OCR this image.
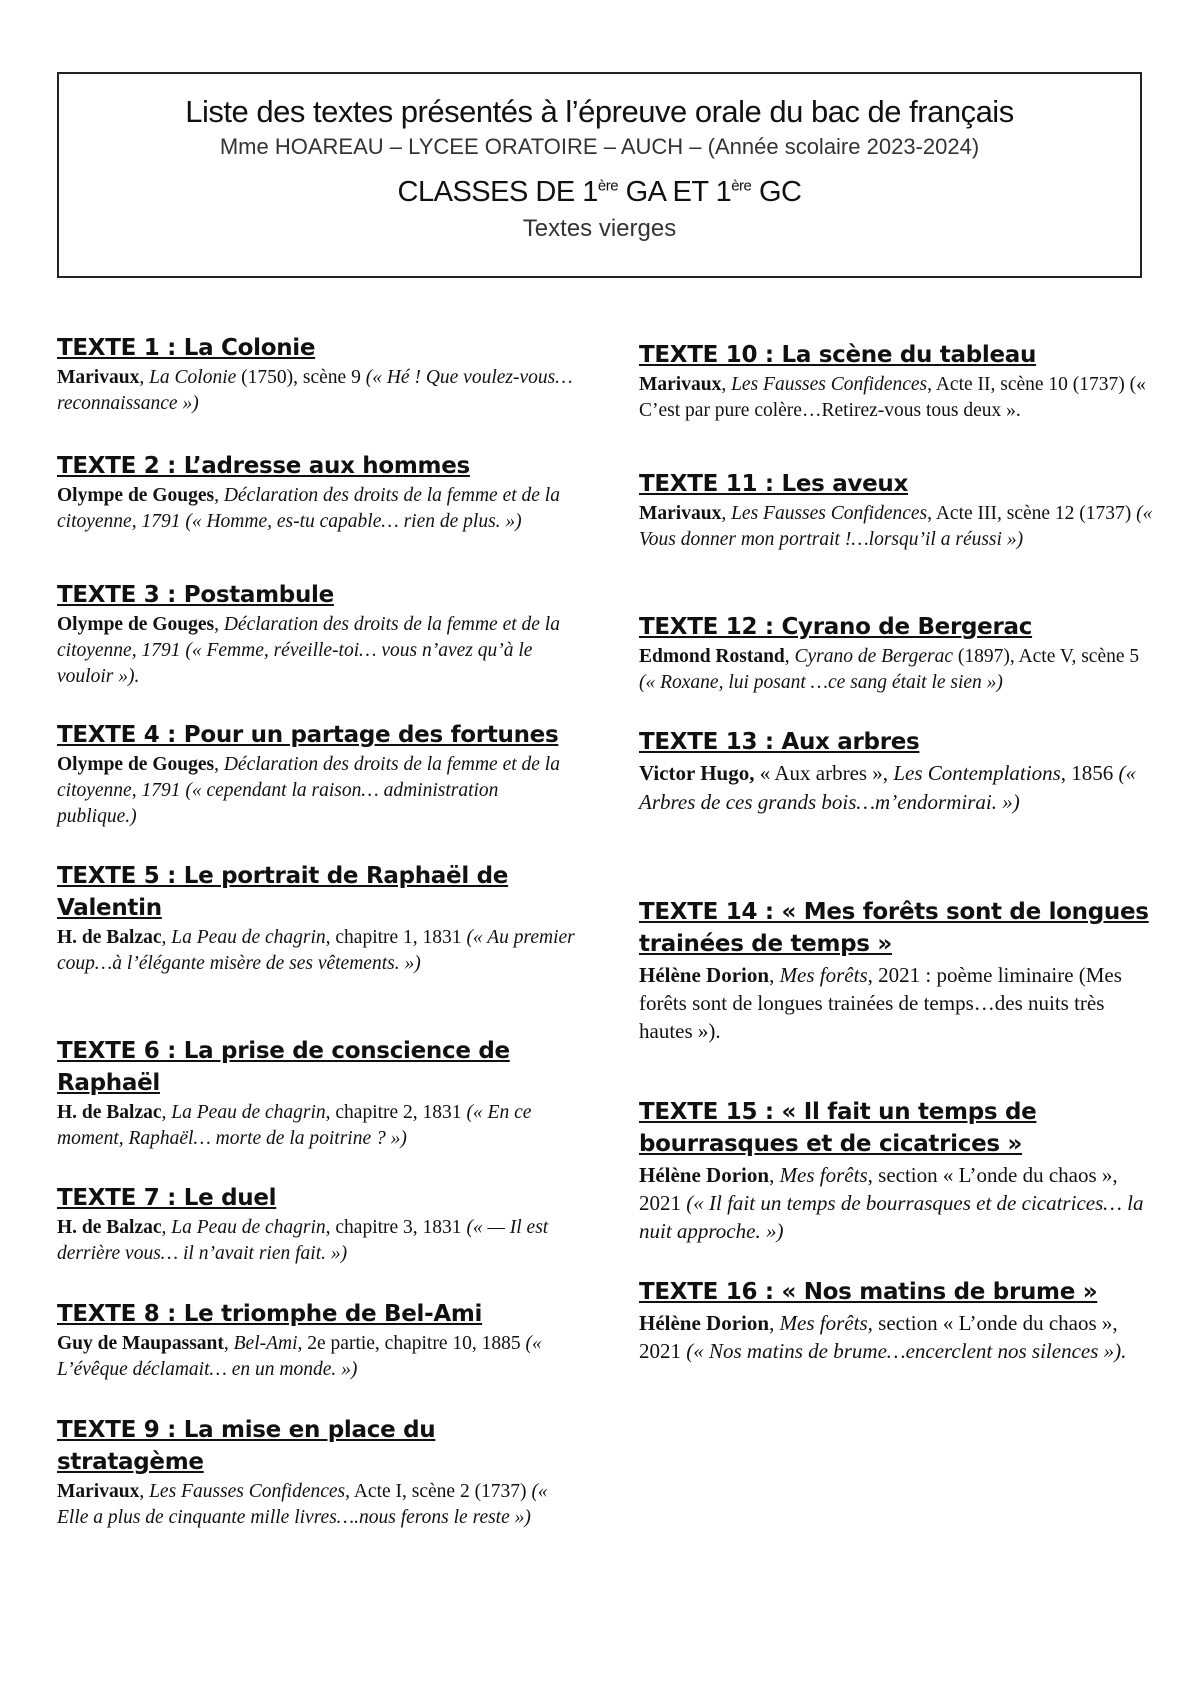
Liste des textes présentés à l’épreuve orale du bac de français
Mme HOAREAU – LYCEE ORATOIRE – AUCH – (Année scolaire 2023-2024)
CLASSES DE 1ère GA ET 1ère GC
Textes vierges
TEXTE 1 : La Colonie
Marivaux, La Colonie (1750), scène 9 (« Hé ! Que voulez-vous… reconnaissance »)
TEXTE 2 : L’adresse aux hommes
Olympe de Gouges, Déclaration des droits de la femme et de la citoyenne, 1791 (« Homme, es-tu capable… rien de plus. »)
TEXTE 3 : Postambule
Olympe de Gouges, Déclaration des droits de la femme et de la citoyenne, 1791 (« Femme, réveille-toi… vous n’avez qu’à le vouloir »).
TEXTE 4 : Pour un partage des fortunes
Olympe de Gouges, Déclaration des droits de la femme et de la citoyenne, 1791 (« cependant la raison… administration publique.)
TEXTE 5 : Le portrait de Raphaël de Valentin
H. de Balzac, La Peau de chagrin, chapitre 1, 1831 (« Au premier coup…à l’élégante misère de ses vêtements. »)
TEXTE 6 : La prise de conscience de Raphaël
H. de Balzac, La Peau de chagrin, chapitre 2, 1831 (« En ce moment, Raphaël… morte de la poitrine ? »)
TEXTE 7 : Le duel
H. de Balzac, La Peau de chagrin, chapitre 3, 1831 (« — Il est derrière vous… il n’avait rien fait. »)
TEXTE 8 : Le triomphe de Bel-Ami
Guy de Maupassant, Bel-Ami, 2e partie, chapitre 10, 1885 (« L’évêque déclamait… en un monde. »)
TEXTE 9 : La mise en place du stratagème
Marivaux, Les Fausses Confidences, Acte I, scène 2 (1737) (« Elle a plus de cinquante mille livres….nous ferons le reste »)
TEXTE 10 : La scène du tableau
Marivaux, Les Fausses Confidences, Acte II, scène 10 (1737) (« C’est par pure colère…Retirez-vous tous deux ».
TEXTE 11 : Les aveux
Marivaux, Les Fausses Confidences, Acte III, scène 12 (1737) (« Vous donner mon portrait !…lorsqu’il a réussi »)
TEXTE 12 : Cyrano de Bergerac
Edmond Rostand, Cyrano de Bergerac (1897), Acte V, scène 5 (« Roxane, lui posant …ce sang était le sien »)
TEXTE 13 : Aux arbres
Victor Hugo, « Aux arbres », Les Contemplations, 1856 (« Arbres de ces grands bois…m’endormirai. »)
TEXTE 14 : « Mes forêts sont de longues trainées de temps »
Hélène Dorion, Mes forêts, 2021 : poème liminaire (Mes forêts sont de longues trainées de temps…des nuits très hautes »).
TEXTE 15 : « Il fait un temps de bourrasques et de cicatrices »
Hélène Dorion, Mes forêts, section « L’onde du chaos », 2021 (« Il fait un temps de bourrasques et de cicatrices… la nuit approche. »)
TEXTE 16 : « Nos matins de brume »
Hélène Dorion, Mes forêts, section « L’onde du chaos », 2021 (« Nos matins de brume…encerclent nos silences »).
